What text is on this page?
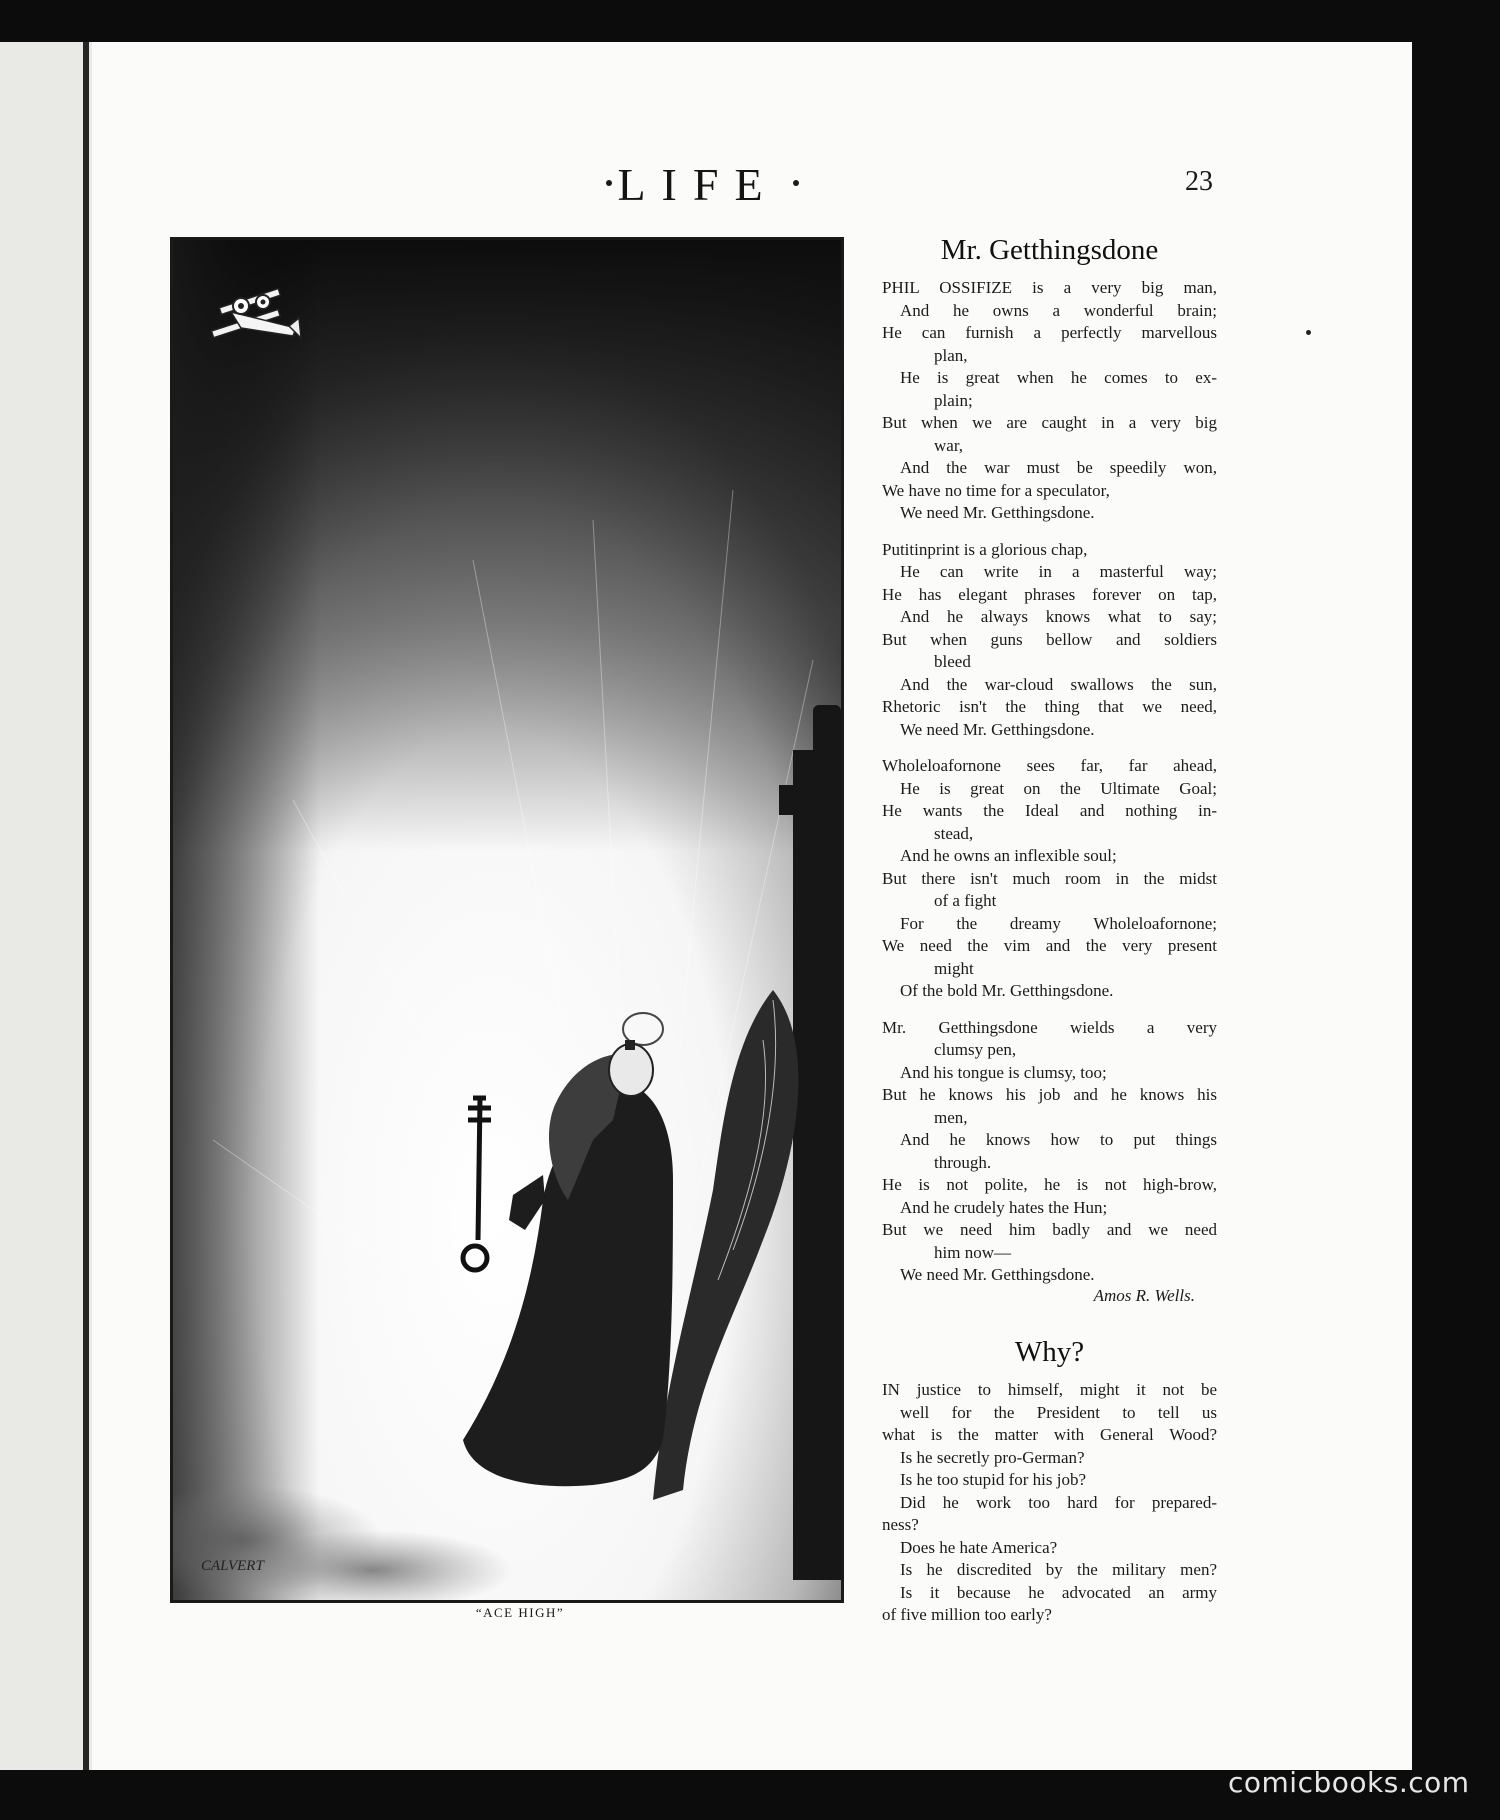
LIFE	23
CALVERT
“ACE HIGH”
Mr. Getthingsdone
PHIL OSSIFIZE is a very big man,
And he owns a wonderful brain;
He can furnish a perfectly marvellous
plan,
He is great when he comes to ex-
plain;
But when we are caught in a very big
war,
And the war must be speedily won,
We have no time for a speculator,
We need Mr. Getthingsdone.
Putitinprint is a glorious chap,
He can write in a masterful way;
He has elegant phrases forever on tap,
And he always knows what to say;
But when guns bellow and soldiers
bleed
And the war-cloud swallows the sun,
Rhetoric isn't the thing that we need,
We need Mr. Getthingsdone.
Wholeloafornone sees far, far ahead,
He is great on the Ultimate Goal;
He wants the Ideal and nothing in-
stead,
And he owns an inflexible soul;
But there isn't much room in the midst
of a fight
For the dreamy Wholeloafornone;
We need the vim and the very present
might
Of the bold Mr. Getthingsdone.
Mr. Getthingsdone wields a very
clumsy pen,
And his tongue is clumsy, too;
But he knows his job and he knows his
men,
And he knows how to put things
through.
He is not polite, he is not high-brow,
And he crudely hates the Hun;
But we need him badly and we need
him now—
We need Mr. Getthingsdone.
Amos R. Wells.
Why?
IN justice to himself, might it not be
well for the President to tell us
what is the matter with General Wood?
Is he secretly pro-German?
Is he too stupid for his job?
Did he work too hard for prepared-
ness?
Does he hate America?
Is he discredited by the military men?
Is it because he advocated an army
of five million too early?
comicbooks.com
